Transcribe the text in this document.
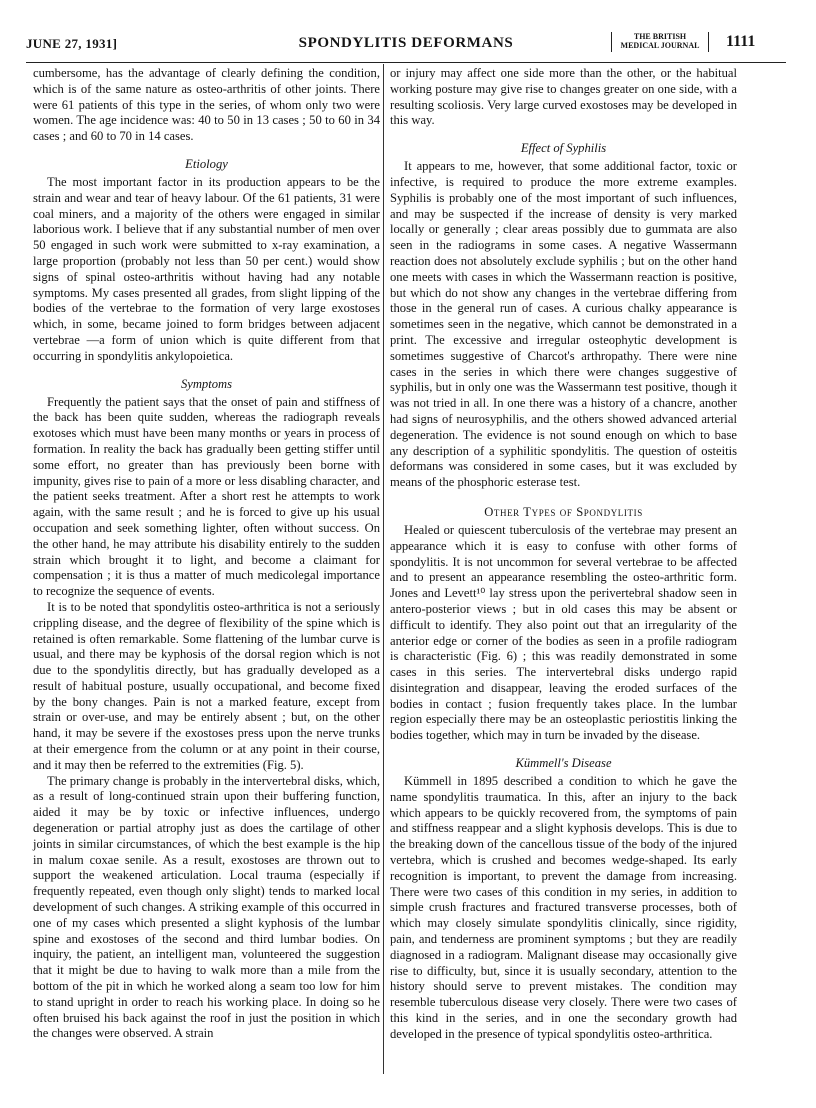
JUNE 27, 1931]	SPONDYLITIS DEFORMANS	THE BRITISH
MEDICAL JOURNAL	1111

cumbersome, has the advantage of clearly defining the condition, which is of the same nature as osteo-arthritis of other joints. There were 61 patients of this type in the series, of whom only two were women. The age incidence was: 40 to 50 in 13 cases ; 50 to 60 in 34 cases ; and 60 to 70 in 14 cases.

Etiology

The most important factor in its production appears to be the strain and wear and tear of heavy labour. Of the 61 patients, 31 were coal miners, and a majority of the others were engaged in similar laborious work. I believe that if any substantial number of men over 50 engaged in such work were submitted to x-ray examination, a large proportion (probably not less than 50 per cent.) would show signs of spinal osteo-arthritis without having had any notable symptoms. My cases presented all grades, from slight lipping of the bodies of the vertebrae to the formation of very large exostoses which, in some, became joined to form bridges between adjacent vertebrae —a form of union which is quite different from that occurring in spondylitis ankylopoietica.

Symptoms

Frequently the patient says that the onset of pain and stiffness of the back has been quite sudden, whereas the radiograph reveals exotoses which must have been many months or years in process of formation. In reality the back has gradually been getting stiffer until some effort, no greater than has previously been borne with impunity, gives rise to pain of a more or less disabling character, and the patient seeks treatment. After a short rest he attempts to work again, with the same result ; and he is forced to give up his usual occupation and seek something lighter, often without success. On the other hand, he may attribute his disability entirely to the sudden strain which brought it to light, and become a claimant for compensation ; it is thus a matter of much medicolegal importance to recognize the sequence of events.

It is to be noted that spondylitis osteo-arthritica is not a seriously crippling disease, and the degree of flexibility of the spine which is retained is often remarkable. Some flattening of the lumbar curve is usual, and there may be kyphosis of the dorsal region which is not due to the spondylitis directly, but has gradually developed as a result of habitual posture, usually occupational, and become fixed by the bony changes. Pain is not a marked feature, except from strain or over-use, and may be entirely absent ; but, on the other hand, it may be severe if the exostoses press upon the nerve trunks at their emergence from the column or at any point in their course, and it may then be referred to the extremities (Fig. 5).

The primary change is probably in the intervertebral disks, which, as a result of long-continued strain upon their buffering function, aided it may be by toxic or infective influences, undergo degeneration or partial atrophy just as does the cartilage of other joints in similar circumstances, of which the best example is the hip in malum coxae senile. As a result, exostoses are thrown out to support the weakened articulation. Local trauma (especially if frequently repeated, even though only slight) tends to marked local development of such changes. A striking example of this occurred in one of my cases which presented a slight kyphosis of the lumbar spine and exostoses of the second and third lumbar bodies. On inquiry, the patient, an intelligent man, volunteered the suggestion that it might be due to having to walk more than a mile from the bottom of the pit in which he worked along a seam too low for him to stand upright in order to reach his working place. In doing so he often bruised his back against the roof in just the position in which the changes were observed. A strain

or injury may affect one side more than the other, or the habitual working posture may give rise to changes greater on one side, with a resulting scoliosis. Very large curved exostoses may be developed in this way.

Effect of Syphilis

It appears to me, however, that some additional factor, toxic or infective, is required to produce the more extreme examples. Syphilis is probably one of the most important of such influences, and may be suspected if the increase of density is very marked locally or generally ; clear areas possibly due to gummata are also seen in the radiograms in some cases. A negative Wassermann reaction does not absolutely exclude syphilis ; but on the other hand one meets with cases in which the Wassermann reaction is positive, but which do not show any changes in the vertebrae differing from those in the general run of cases. A curious chalky appearance is sometimes seen in the negative, which cannot be demonstrated in a print. The excessive and irregular osteophytic development is sometimes suggestive of Charcot's arthropathy. There were nine cases in the series in which there were changes suggestive of syphilis, but in only one was the Wassermann test positive, though it was not tried in all. In one there was a history of a chancre, another had signs of neurosyphilis, and the others showed advanced arterial degeneration. The evidence is not sound enough on which to base any description of a syphilitic spondylitis. The question of osteitis deformans was considered in some cases, but it was excluded by means of the phosphoric esterase test.

Other Types of Spondylitis

Healed or quiescent tuberculosis of the vertebrae may present an appearance which it is easy to confuse with other forms of spondylitis. It is not uncommon for several vertebrae to be affected and to present an appearance resembling the osteo-arthritic form. Jones and Levett¹⁰ lay stress upon the perivertebral shadow seen in antero-posterior views ; but in old cases this may be absent or difficult to identify. They also point out that an irregularity of the anterior edge or corner of the bodies as seen in a profile radiogram is characteristic (Fig. 6) ; this was readily demonstrated in some cases in this series. The intervertebral disks undergo rapid disintegration and disappear, leaving the eroded surfaces of the bodies in contact ; fusion frequently takes place. In the lumbar region especially there may be an osteoplastic periostitis linking the bodies together, which may in turn be invaded by the disease.

Kümmell's Disease

Kümmell in 1895 described a condition to which he gave the name spondylitis traumatica. In this, after an injury to the back which appears to be quickly recovered from, the symptoms of pain and stiffness reappear and a slight kyphosis develops. This is due to the breaking down of the cancellous tissue of the body of the injured vertebra, which is crushed and becomes wedge-shaped. Its early recognition is important, to prevent the damage from increasing. There were two cases of this condition in my series, in addition to simple crush fractures and fractured transverse processes, both of which may closely simulate spondylitis clinically, since rigidity, pain, and tenderness are prominent symptoms ; but they are readily diagnosed in a radiogram. Malignant disease may occasionally give rise to difficulty, but, since it is usually secondary, attention to the history should serve to prevent mistakes. The condition may resemble tuberculous disease very closely. There were two cases of this kind in the series, and in one the secondary growth had developed in the presence of typical spondylitis osteo-arthritica.
